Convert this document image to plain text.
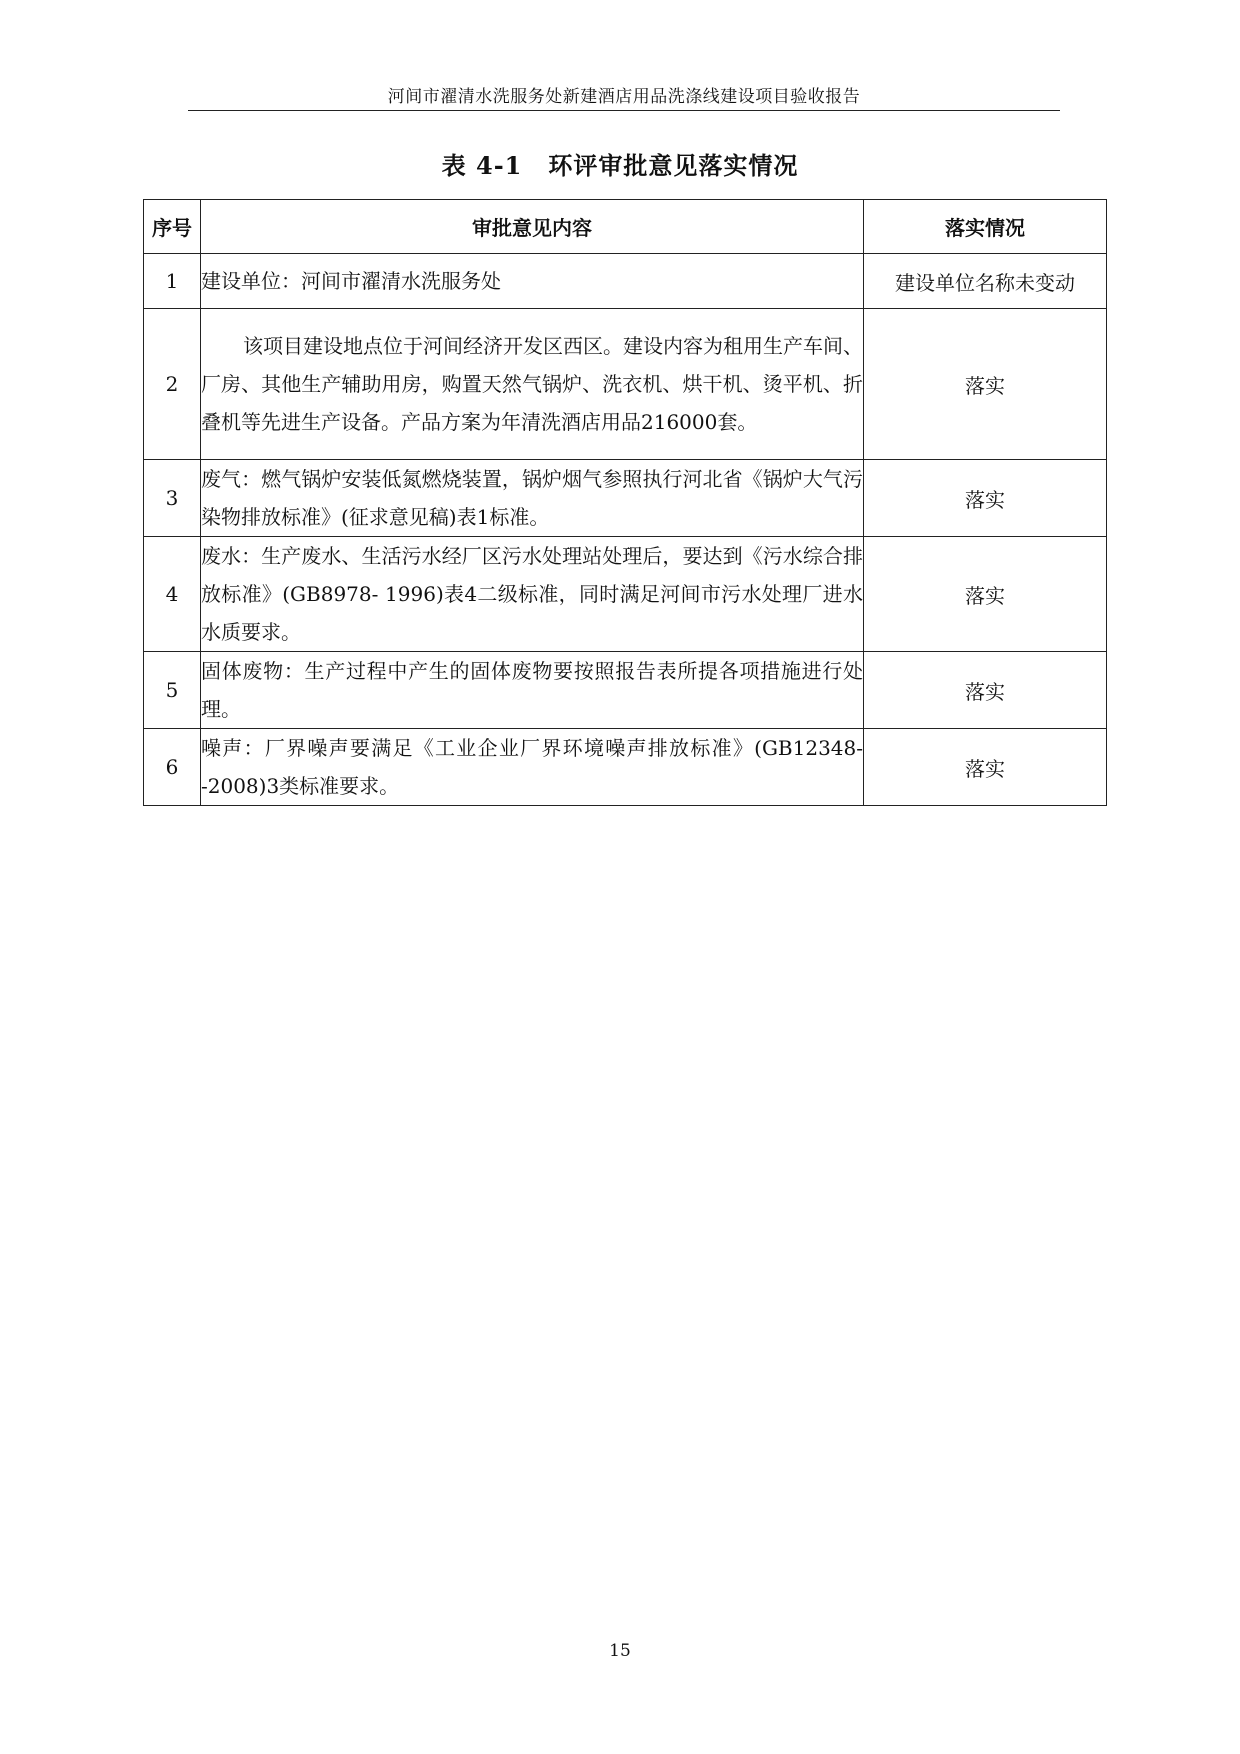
河间市濯清水洗服务处新建酒店用品洗涤线建设项目验收报告
表 4-1 环评审批意见落实情况
序号	审批意见内容	落实情况
1	建设单位：河间市濯清水洗服务处	建设单位名称未变动
2	该项目建设地点位于河间经济开发区西区。建设内容为租用生产车间、厂房、其他生产辅助用房，购置天然气锅炉、洗衣机、烘干机、烫平机、折叠机等先进生产设备。产品方案为年清洗酒店用品216000套。	落实
3	废气：燃气锅炉安装低氮燃烧装置，锅炉烟气参照执行河北省《锅炉大气污染物排放标准》(征求意见稿)表1标准。	落实
4	废水：生产废水、生活污水经厂区污水处理站处理后，要达到《污水综合排放标准》(GB8978- 1996)表4二级标准，同时满足河间市污水处理厂进水水质要求。	落实
5	固体废物：生产过程中产生的固体废物要按照报告表所提各项措施进行处理。	落实
6	噪声：厂界噪声要满足《工业企业厂界环境噪声排放标准》(GB12348--2008)3类标准要求。	落实
15
